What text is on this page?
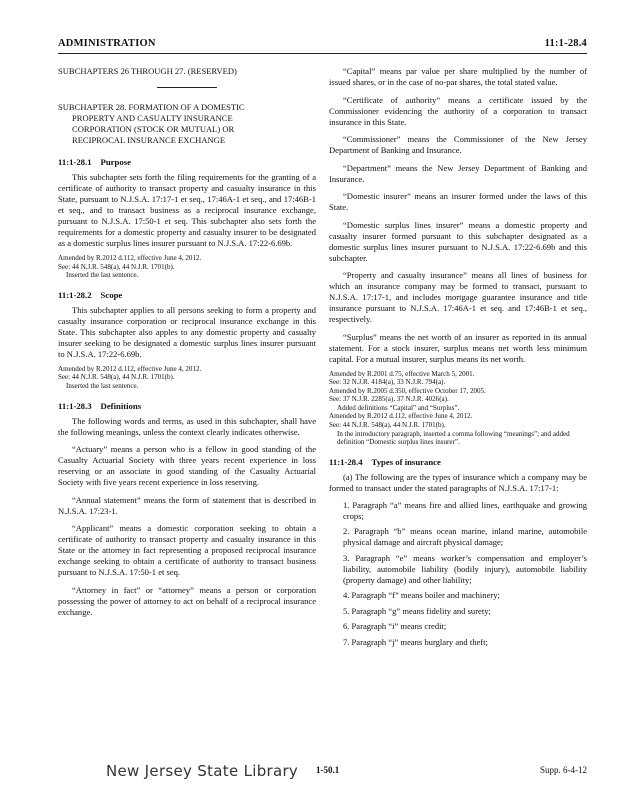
ADMINISTRATION	11:1-28.4

SUBCHAPTERS 26 THROUGH 27. (RESERVED)

SUBCHAPTER 28. FORMATION OF A DOMESTIC
PROPERTY AND CASUALTY INSURANCE
CORPORATION (STOCK OR MUTUAL) OR
RECIPROCAL INSURANCE EXCHANGE
11:1-28.1 Purpose

This subchapter sets forth the filing requirements for the granting of a certificate of authority to transact property and casualty insurance in this State, pursuant to N.J.S.A. 17:17-1 et seq., 17:46A-1 et seq., and 17:46B-1 et seq., and to transact business as a reciprocal insurance exchange, pursuant to N.J.S.A. 17:50-1 et seq. This subchapter also sets forth the requirements for a domestic property and casualty insurer to be designated as a domestic surplus lines insurer pursuant to N.J.S.A. 17:22-6.69b.

Amended by R.2012 d.112, effective June 4, 2012.
See: 44 N.J.R. 548(a), 44 N.J.R. 1701(b).
Inserted the last sentence.
11:1-28.2 Scope

This subchapter applies to all persons seeking to form a property and casualty insurance corporation or reciprocal insurance exchange in this State. This subchapter also apples to any domestic property and casualty insurer seeking to be designated a domestic surplus lines insurer pursuant to N.J.S.A. 17:22-6.69b.

Amended by R.2012 d.112, effective June 4, 2012.
See: 44 N.J.R. 548(a), 44 N.J.R. 1701(b).
Inserted the last sentence.
11:1-28.3 Definitions

The following words and terms, as used in this subchapter, shall have the following meanings, unless the context clearly indicates otherwise.

“Actuary” means a person who is a fellow in good standing of the Casualty Actuarial Society with three years recent experience in loss reserving or an associate in good standing of the Casualty Actuarial Society with five years recent experience in loss reserving.

“Annual statement” means the form of statement that is described in N.J.S.A. 17:23-1.

“Applicant” means a domestic corporation seeking to obtain a certificate of authority to transact property and casualty insurance in this State or the attorney in fact representing a proposed reciprocal insurance exchange seeking to obtain a certificate of authority to transact business pursuant to N.J.S.A. 17:50-1 et seq.

“Attorney in fact” or “attorney” means a person or corporation possessing the power of attorney to act on behalf of a reciprocal insurance exchange.

“Capital” means par value per share multiplied by the number of issued shares, or in the case of no-par shares, the total stated value.

“Certificate of authority” means a certificate issued by the Commissioner evidencing the authority of a corporation to transact insurance in this State.

“Commissioner” means the Commissioner of the New Jersey Department of Banking and Insurance.

“Department” means the New Jersey Department of Banking and Insurance.

“Domestic insurer” means an insurer formed under the laws of this State.

“Domestic surplus lines insurer” means a domestic property and casualty insurer formed pursuant to this subchapter designated as a domestic surplus lines insurer pursuant to N.J.S.A. 17:22-6.69b and this subchapter.

“Property and casualty insurance” means all lines of business for which an insurance company may be formed to transact, pursuant to N.J.S.A. 17:17-1, and includes mortgage guarantee insurance and title insurance pursuant to N.J.S.A. 17:46A-1 et seq. and 17:46B-1 et seq., respectively.

“Surplus” means the net worth of an insurer as reported in its annual statement. For a stock insurer, surplus means net worth less minimum capital. For a mutual insurer, surplus means its net worth.

Amended by R.2001 d.75, effective March 5, 2001.
See: 32 N.J.R. 4184(a), 33 N.J.R. 794(a).
Amended by R.2005 d.350, effective October 17, 2005.
See: 37 N.J.R. 2285(a), 37 N.J.R. 4026(a).
Added definitions “Capital” and “Surplus”.
Amended by R.2012 d.112, effective June 4, 2012.
See: 44 N.J.R. 548(a), 44 N.J.R. 1701(b).
In the introductory paragraph, inserted a comma following “meanings”; and added definition “Domestic surplus lines insurer”.
11:1-28.4 Types of insurance

(a) The following are the types of insurance which a company may be formed to transact under the stated paragraphs of N.J.S.A. 17:17-1:

1. Paragraph “a” means fire and allied lines, earthquake and growing crops;

2. Paragraph “b” means ocean marine, inland marine, automobile physical damage and aircraft physical damage;

3. Paragraph “e” means worker’s compensation and employer’s liability, automobile liability (bodily injury), automobile liability (property damage) and other liability;

4. Paragraph “f” means boiler and machinery;

5. Paragraph “g” means fidelity and surety;

6. Paragraph “i” means credit;

7. Paragraph “j” means burglary and theft;

New Jersey State Library 1-50.1	Supp. 6-4-12
